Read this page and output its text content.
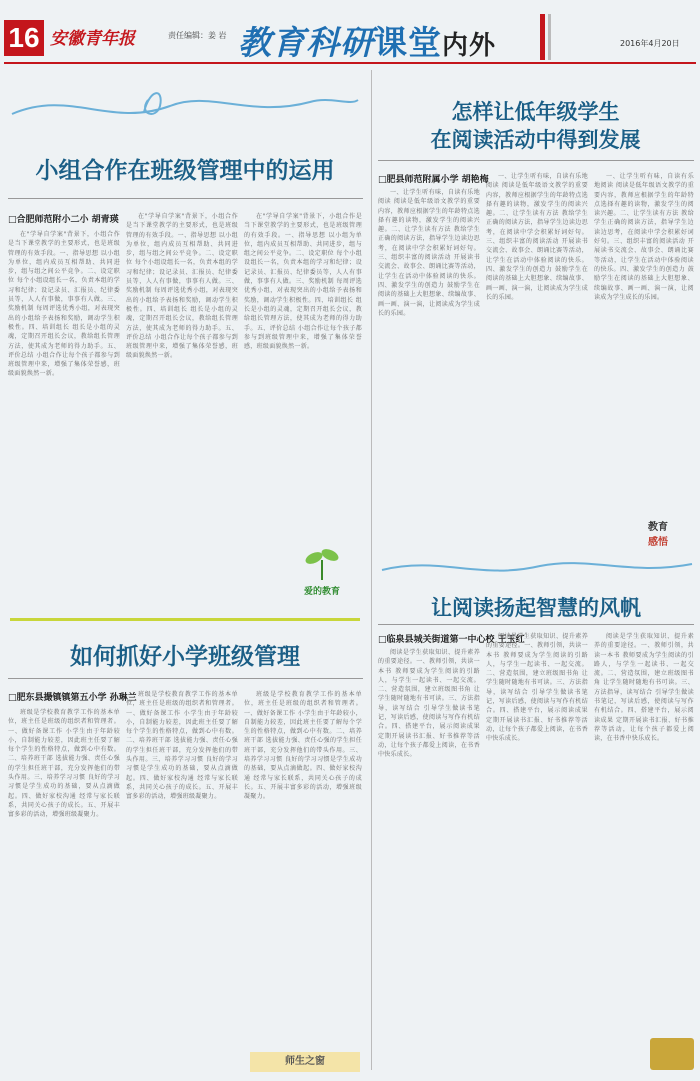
16 安徽青年报	责任编辑：姜 岩 教育科研课堂内外	2016年4月20日
小组合作在班级管理中的运用
□合肥师范附小二小 胡青瑛

在"学导自学案"背景下，小组合作是当下课堂教学的主要形式，也是班级管理的有效手段。一、指导思想 以小组为单位，组内成员互相帮助、共同进步，组与组之间公平竞争。二、设定职位 每个小组设组长一名，负责本组的学习和纪律；设记录员、汇报员、纪律委员等，人人有事做，事事有人做。三、奖励机制 每周评选优秀小组，对表现突出的小组给予表扬和奖励，调动学生积极性。四、培训组长 组长是小组的灵魂，定期召开组长会议，教给组长管理方法，使其成为老师的得力助手。五、评价总结 小组合作让每个孩子都参与到班级管理中来，增强了集体荣誉感，班级面貌焕然一新。

在"学导自学案"背景下，小组合作是当下课堂教学的主要形式，也是班级管理的有效手段。一、指导思想 以小组为单位，组内成员互相帮助、共同进步，组与组之间公平竞争。二、设定职位 每个小组设组长一名，负责本组的学习和纪律；设记录员、汇报员、纪律委员等，人人有事做，事事有人做。三、奖励机制 每周评选优秀小组，对表现突出的小组给予表扬和奖励，调动学生积极性。四、培训组长 组长是小组的灵魂，定期召开组长会议，教给组长管理方法，使其成为老师的得力助手。五、评价总结 小组合作让每个孩子都参与到班级管理中来，增强了集体荣誉感，班级面貌焕然一新。

在"学导自学案"背景下，小组合作是当下课堂教学的主要形式，也是班级管理的有效手段。一、指导思想 以小组为单位，组内成员互相帮助、共同进步，组与组之间公平竞争。二、设定职位 每个小组设组长一名，负责本组的学习和纪律；设记录员、汇报员、纪律委员等，人人有事做，事事有人做。三、奖励机制 每周评选优秀小组，对表现突出的小组给予表扬和奖励，调动学生积极性。四、培训组长 组长是小组的灵魂，定期召开组长会议，教给组长管理方法，使其成为老师的得力助手。五、评价总结 小组合作让每个孩子都参与到班级管理中来，增强了集体荣誉感，班级面貌焕然一新。

爱的教育
如何抓好小学班级管理
□肥东县撮镇镇第五小学 孙琳兰

班级是学校教育教学工作的基本单位，班主任是班级的组织者和管理者。一、做好备课工作 小学生由于年龄较小，自制能力较差，因此班主任要了解每个学生的性格特点，做到心中有数。二、培养班干部 选拔能力强、责任心强的学生担任班干部，充分发挥他们的带头作用。三、培养学习习惯 良好的学习习惯是学生成功的基础，要从点滴做起。四、做好家校沟通 经常与家长联系，共同关心孩子的成长。五、开展丰富多彩的活动，增强班级凝聚力。

班级是学校教育教学工作的基本单位，班主任是班级的组织者和管理者。一、做好备课工作 小学生由于年龄较小，自制能力较差，因此班主任要了解每个学生的性格特点，做到心中有数。二、培养班干部 选拔能力强、责任心强的学生担任班干部，充分发挥他们的带头作用。三、培养学习习惯 良好的学习习惯是学生成功的基础，要从点滴做起。四、做好家校沟通 经常与家长联系，共同关心孩子的成长。五、开展丰富多彩的活动，增强班级凝聚力。

班级是学校教育教学工作的基本单位，班主任是班级的组织者和管理者。一、做好备课工作 小学生由于年龄较小，自制能力较差，因此班主任要了解每个学生的性格特点，做到心中有数。二、培养班干部 选拔能力强、责任心强的学生担任班干部，充分发挥他们的带头作用。三、培养学习习惯 良好的学习习惯是学生成功的基础，要从点滴做起。四、做好家校沟通 经常与家长联系，共同关心孩子的成长。五、开展丰富多彩的活动，增强班级凝聚力。

师生之窗
怎样让低年级学生
在阅读活动中得到发展
□肥县师范附属小学 胡艳梅

一、让学生听有味，自读有乐地阅读 阅读是低年级语文教学的重要内容，教师应根据学生的年龄特点选择有趣的读物，激发学生的阅读兴趣。二、让学生读有方法 教给学生正确的阅读方法，指导学生边读边思考，在阅读中学会积累好词好句。三、组织丰富的阅读活动 开展读书交流会、故事会、朗诵比赛等活动，让学生在活动中体验阅读的快乐。四、激发学生的创造力 鼓励学生在阅读的基础上大胆想象、续编故事、画一画、演一演，让阅读成为学生成长的乐园。

一、让学生听有味，自读有乐地阅读 阅读是低年级语文教学的重要内容，教师应根据学生的年龄特点选择有趣的读物，激发学生的阅读兴趣。二、让学生读有方法 教给学生正确的阅读方法，指导学生边读边思考，在阅读中学会积累好词好句。三、组织丰富的阅读活动 开展读书交流会、故事会、朗诵比赛等活动，让学生在活动中体验阅读的快乐。四、激发学生的创造力 鼓励学生在阅读的基础上大胆想象、续编故事、画一画、演一演，让阅读成为学生成长的乐园。

一、让学生听有味，自读有乐地阅读 阅读是低年级语文教学的重要内容，教师应根据学生的年龄特点选择有趣的读物，激发学生的阅读兴趣。二、让学生读有方法 教给学生正确的阅读方法，指导学生边读边思考，在阅读中学会积累好词好句。三、组织丰富的阅读活动 开展读书交流会、故事会、朗诵比赛等活动，让学生在活动中体验阅读的快乐。四、激发学生的创造力 鼓励学生在阅读的基础上大胆想象、续编故事、画一画、演一演，让阅读成为学生成长的乐园。

教育
感悟
让阅读扬起智慧的风帆
□临泉县城关街道第一中心校 王玉红

阅读是学生获取知识、提升素养的重要途径。一、教师引领，共读一本书 教师要成为学生阅读的引路人，与学生一起读书、一起交流。二、营造氛围，建立班级图书角 让学生随时随地有书可读。三、方法指导，读写结合 引导学生做读书笔记，写读后感，使阅读与写作有机结合。四、搭建平台，展示阅读成果 定期开展读书汇报、好书推荐等活动，让每个孩子都爱上阅读，在书香中快乐成长。

阅读是学生获取知识、提升素养的重要途径。一、教师引领，共读一本书 教师要成为学生阅读的引路人，与学生一起读书、一起交流。二、营造氛围，建立班级图书角 让学生随时随地有书可读。三、方法指导，读写结合 引导学生做读书笔记，写读后感，使阅读与写作有机结合。四、搭建平台，展示阅读成果 定期开展读书汇报、好书推荐等活动，让每个孩子都爱上阅读，在书香中快乐成长。

阅读是学生获取知识、提升素养的重要途径。一、教师引领，共读一本书 教师要成为学生阅读的引路人，与学生一起读书、一起交流。二、营造氛围，建立班级图书角 让学生随时随地有书可读。三、方法指导，读写结合 引导学生做读书笔记，写读后感，使阅读与写作有机结合。四、搭建平台，展示阅读成果 定期开展读书汇报、好书推荐等活动，让每个孩子都爱上阅读，在书香中快乐成长。
